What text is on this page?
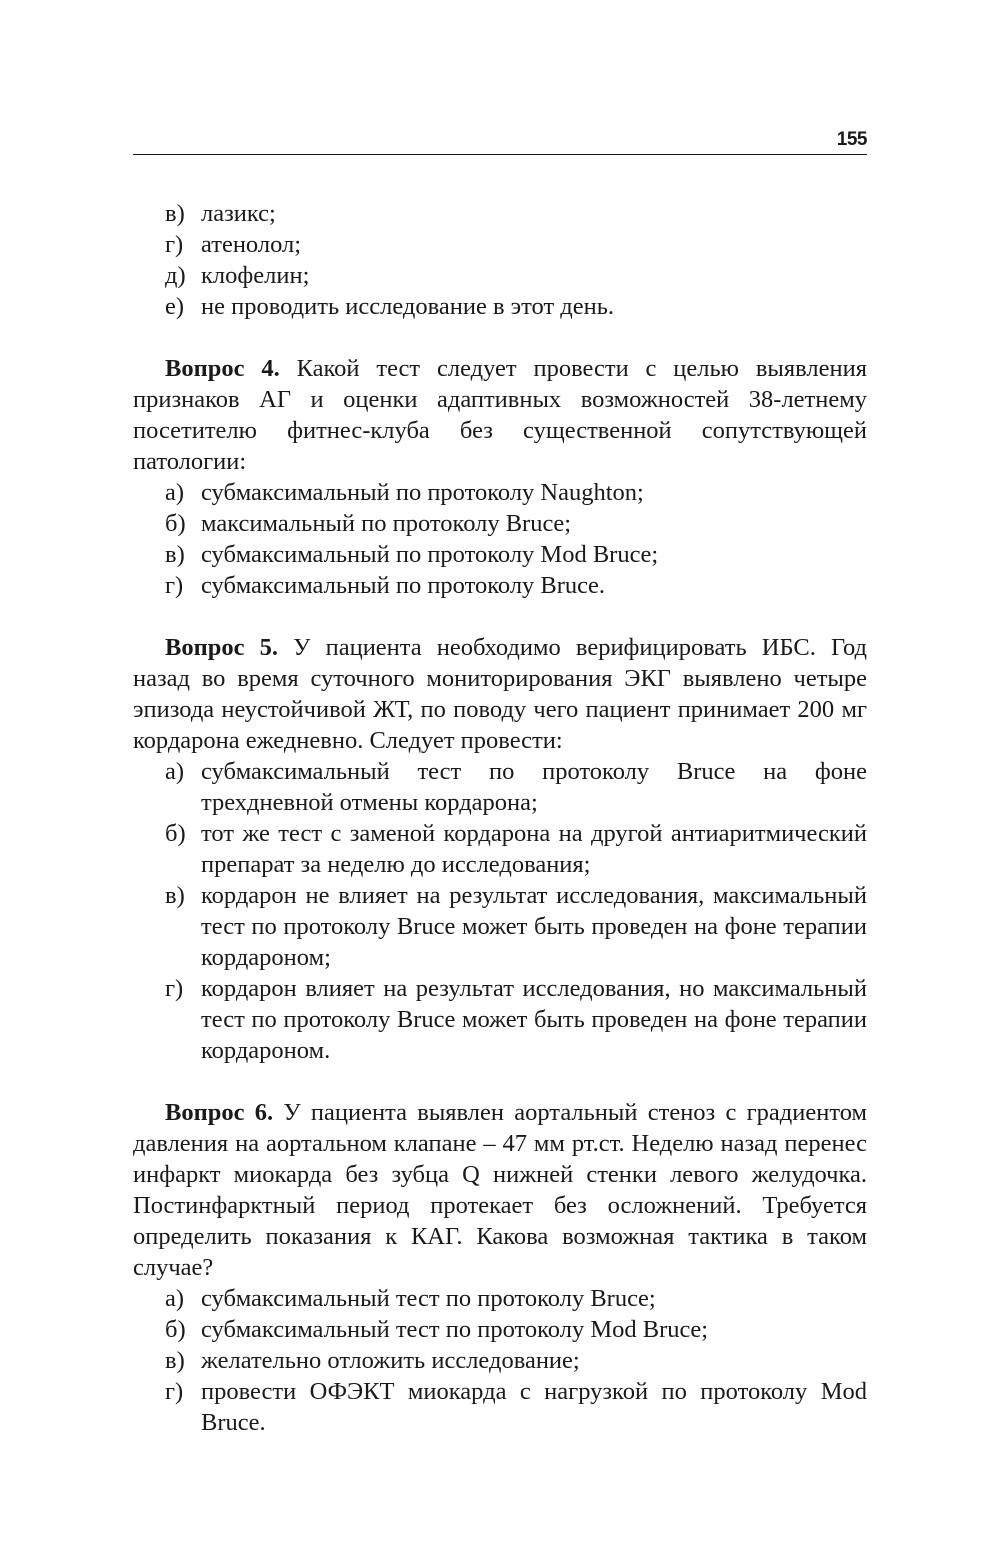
155
в) лазикс;
г) атенолол;
д) клофелин;
е) не проводить исследование в этот день.

Вопрос 4. Какой тест следует провести с целью выявления признаков АГ и оценки адаптивных возможностей 38-летнему посетителю фитнес-клуба без существенной сопутствующей патологии:

а) субмаксимальный по протоколу Naughton;
б) максимальный по протоколу Bruce;
в) субмаксимальный по протоколу Mod Bruce;
г) субмаксимальный по протоколу Bruce.

Вопрос 5. У пациента необходимо верифицировать ИБС. Год назад во время суточного мониторирования ЭКГ выявлено четыре эпизода неустойчивой ЖТ, по поводу чего пациент принимает 200 мг кордарона ежедневно. Следует провести:

а) субмаксимальный тест по протоколу Bruce на фоне трехдневной отмены кордарона;
б) тот же тест с заменой кордарона на другой антиаритмический препарат за неделю до исследования;
в) кордарон не влияет на результат исследования, максимальный тест по протоколу Bruce может быть проведен на фоне терапии кордароном;
г) кордарон влияет на результат исследования, но максимальный тест по протоколу Bruce может быть проведен на фоне терапии кордароном.

Вопрос 6. У пациента выявлен аортальный стеноз с градиентом давления на аортальном клапане – 47 мм рт.ст. Неделю назад перенес инфаркт миокарда без зубца Q нижней стенки левого желудочка. Постинфарктный период протекает без осложнений. Требуется определить показания к КАГ. Какова возможная тактика в таком случае?

а) субмаксимальный тест по протоколу Bruce;
б) субмаксимальный тест по протоколу Mod Bruce;
в) желательно отложить исследование;
г) провести ОФЭКТ миокарда с нагрузкой по протоколу Mod Bruce.
